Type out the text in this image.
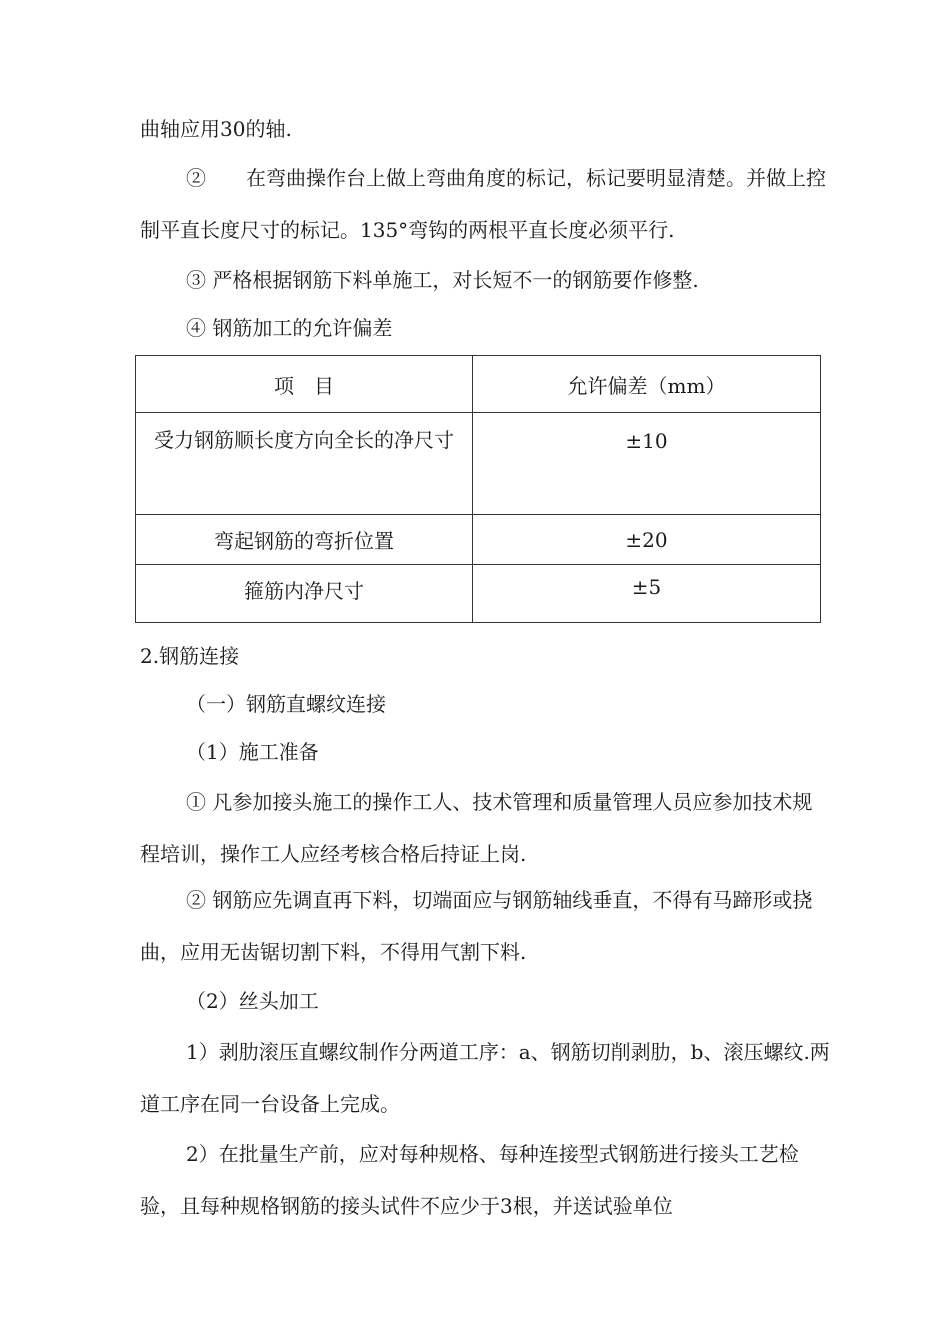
曲轴应用30的轴.

②　　在弯曲操作台上做上弯曲角度的标记，标记要明显清楚。并做上控制平直长度尺寸的标记。135°弯钩的两根平直长度必须平行.

③ 严格根据钢筋下料单施工，对长短不一的钢筋要作修整.

④ 钢筋加工的允许偏差

项　目	允许偏差（mm）

受力钢筋顺长度方向全长的净尺寸	±10

弯起钢筋的弯折位置	±20

箍筋内净尺寸	±5

2.钢筋连接

（一）钢筋直螺纹连接

（1）施工准备

① 凡参加接头施工的操作工人、技术管理和质量管理人员应参加技术规程培训，操作工人应经考核合格后持证上岗.

② 钢筋应先调直再下料，切端面应与钢筋轴线垂直，不得有马蹄形或挠曲，应用无齿锯切割下料，不得用气割下料.

（2）丝头加工

1）剥肋滚压直螺纹制作分两道工序：a、钢筋切削剥肋，b、滚压螺纹.两道工序在同一台设备上完成。

2）在批量生产前，应对每种规格、每种连接型式钢筋进行接头工艺检验，且每种规格钢筋的接头试件不应少于3根，并送试验单位
